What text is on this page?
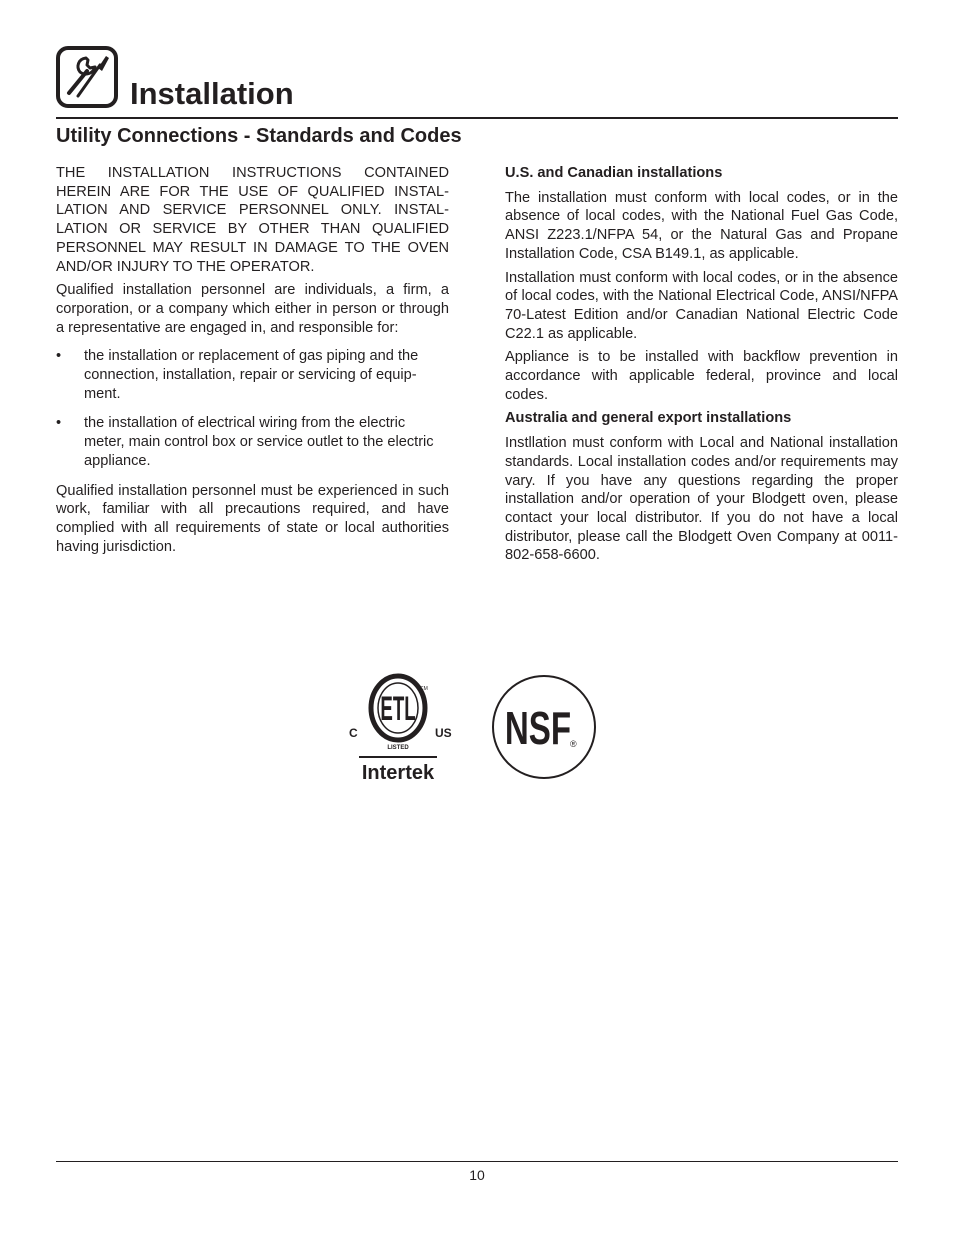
Installation
Utility Connections - Standards and Codes

THE INSTALLATION INSTRUCTIONS CONTAINED HEREIN ARE FOR THE USE OF QUALIFIED INSTALLATION AND SERVICE PERSONNEL ONLY. INSTALLATION OR SERVICE BY OTHER THAN QUALIFIED PERSONNEL MAY RESULT IN DAMAGE TO THE OVEN AND/OR INJURY TO THE OPERATOR.

Qualified installation personnel are individuals, a firm, a corporation, or a company which either in person or through a representative are engaged in, and responsible for:

• the installation or replacement of gas piping and the connection, installation, repair or servicing of equipment.
• the installation of electrical wiring from the electric meter, main control box or service outlet to the electric appliance.

Qualified installation personnel must be experienced in such work, familiar with all precautions required, and have complied with all requirements of state or local authorities having jurisdiction.

U.S. and Canadian installations

The installation must conform with local codes, or in the absence of local codes, with the National Fuel Gas Code, ANSI Z223.1/NFPA 54, or the Natural Gas and Propane Installation Code, CSA B149.1, as applicable.

Installation must conform with local codes, or in the absence of local codes, with the National Electrical Code, ANSI/NFPA 70-Latest Edition and/or Canadian National Electric Code C22.1 as applicable.

Appliance is to be installed with backflow prevention in accordance with applicable federal, province and local codes.

Australia and general export installations

Instllation must conform with Local and National installation standards. Local installation codes and/or requirements may vary. If you have any questions regarding the proper installation and/or operation of your Blodgett oven, please contact your local distributor. If you do not have a local distributor, please call the Blodgett Oven Company at 0011-802-658-6600.

ETL
CM
C	US
LISTED
Intertek
NSF
®
10
